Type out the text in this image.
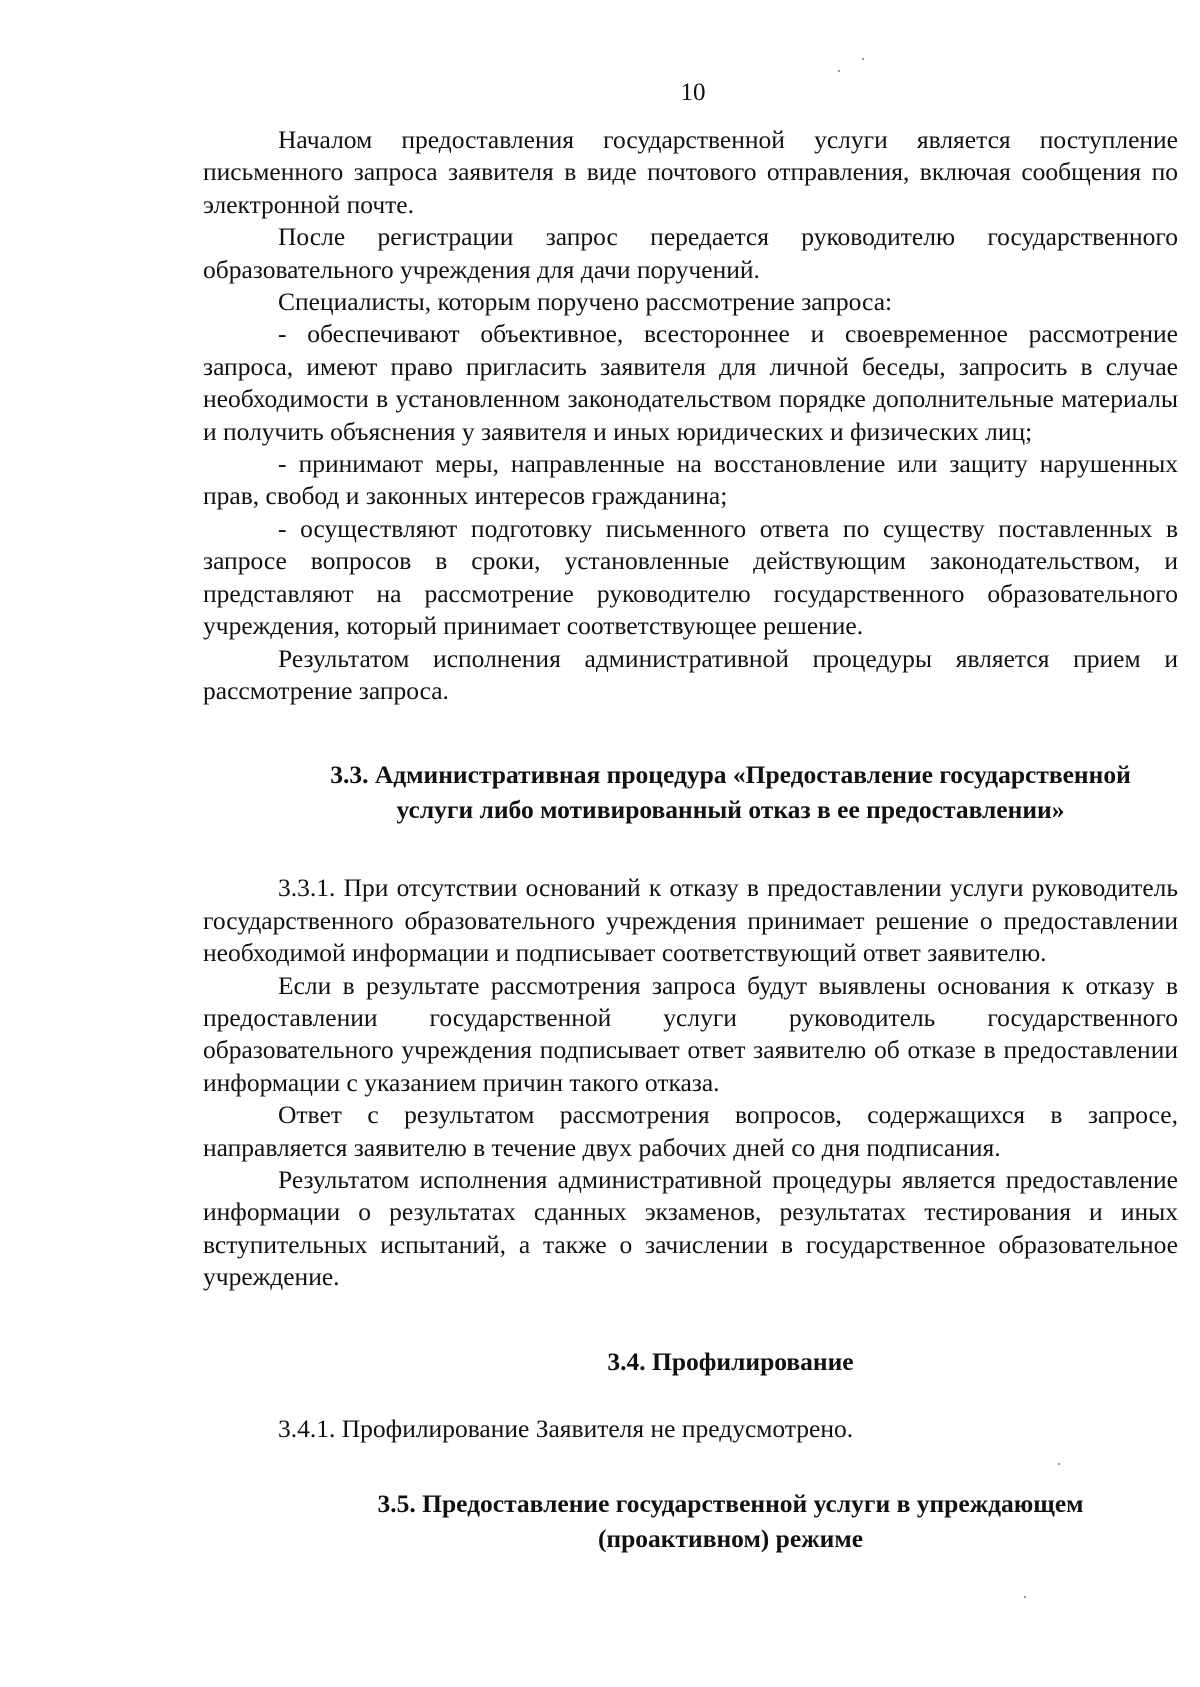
10

Началом предоставления государственной услуги является поступление письменного запроса заявителя в виде почтового отправления, включая сообщения по электронной почте.

После регистрации запрос передается руководителю государственного образовательного учреждения для дачи поручений.

Специалисты, которым поручено рассмотрение запроса:

- обеспечивают объективное, всестороннее и своевременное рассмотрение запроса, имеют право пригласить заявителя для личной беседы, запросить в случае необходимости в установленном законодательством порядке дополнительные материалы и получить объяснения у заявителя и иных юридических и физических лиц;

- принимают меры, направленные на восстановление или защиту нарушенных прав, свобод и законных интересов гражданина;

- осуществляют подготовку письменного ответа по существу поставленных в запросе вопросов в сроки, установленные действующим законодательством, и представляют на рассмотрение руководителю государственного образовательного учреждения, который принимает соответствующее решение.

Результатом исполнения административной процедуры является прием и рассмотрение запроса.

3.3. Административная процедура «Предоставление государственной
услуги либо мотивированный отказ в ее предоставлении»

3.3.1. При отсутствии оснований к отказу в предоставлении услуги руководитель государственного образовательного учреждения принимает решение о предоставлении необходимой информации и подписывает соответствующий ответ заявителю.

Если в результате рассмотрения запроса будут выявлены основания к отказу в предоставлении государственной услуги руководитель государственного образовательного учреждения подписывает ответ заявителю об отказе в предоставлении информации с указанием причин такого отказа.

Ответ с результатом рассмотрения вопросов, содержащихся в запросе, направляется заявителю в течение двух рабочих дней со дня подписания.

Результатом исполнения административной процедуры является предоставление информации о результатах сданных экзаменов, результатах тестирования и иных вступительных испытаний, а также о зачислении в государственное образовательное учреждение.

3.4. Профилирование

3.4.1. Профилирование Заявителя не предусмотрено.

3.5. Предоставление государственной услуги в упреждающем
(проактивном) режиме
